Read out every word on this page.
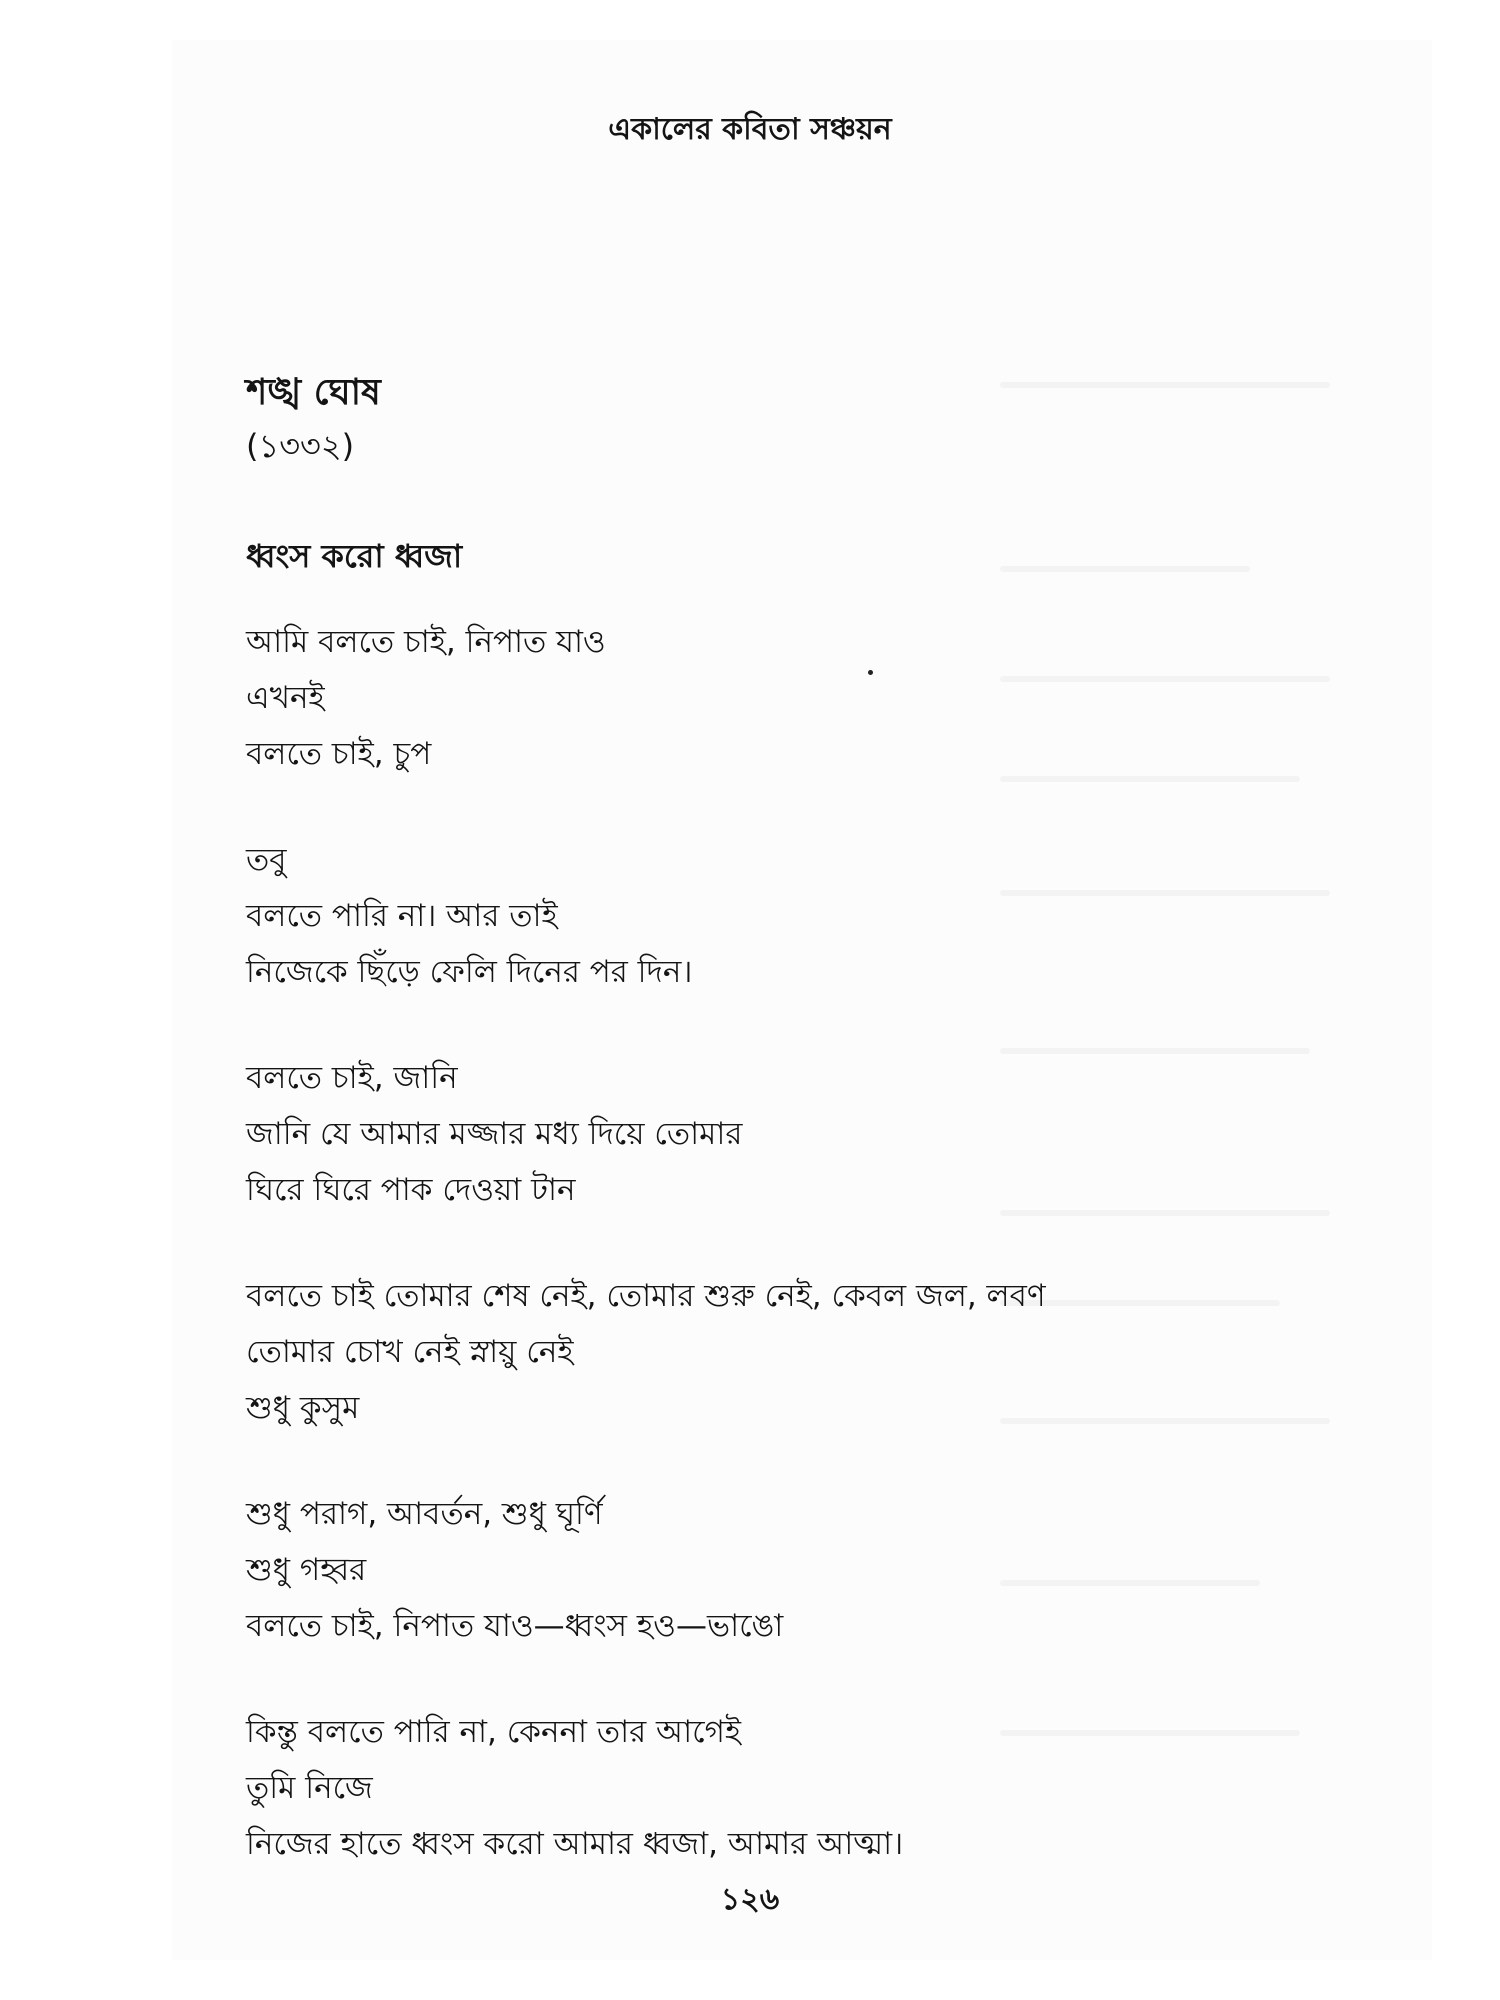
একালের কবিতা সঞ্চয়ন

শঙ্খ ঘোষ

(১৩৩২)

ধ্বংস করো ধ্বজা

আমি বলতে চাই, নিপাত যাও
এখনই
বলতে চাই, চুপ
তবু
বলতে পারি না। আর তাই
নিজেকে ছিঁড়ে ফেলি দিনের পর দিন।
বলতে চাই, জানি
জানি যে আমার মজ্জার মধ্য দিয়ে তোমার
ঘিরে ঘিরে পাক দেওয়া টান
বলতে চাই তোমার শেষ নেই, তোমার শুরু নেই, কেবল জল, লবণ
তোমার চোখ নেই স্নায়ু নেই
শুধু কুসুম
শুধু পরাগ, আবর্তন, শুধু ঘূর্ণি
শুধু গহ্বর
বলতে চাই, নিপাত যাও—ধ্বংস হও—ভাঙো
কিন্তু বলতে পারি না, কেননা তার আগেই
তুমি নিজে
নিজের হাতে ধ্বংস করো আমার ধ্বজা, আমার আত্মা।
১২৬
